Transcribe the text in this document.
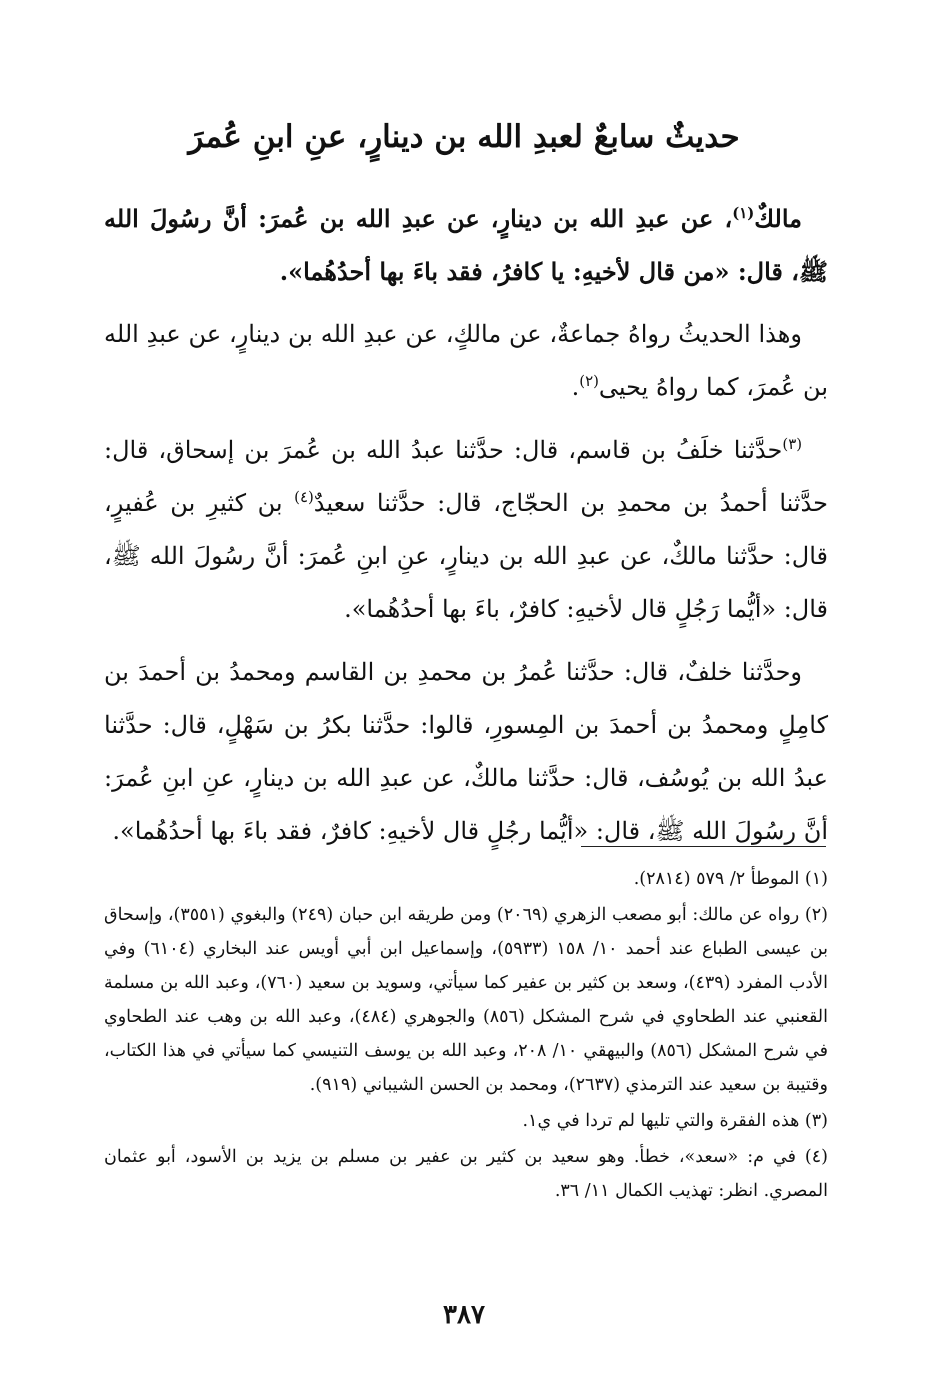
حديثٌ سابعٌ لعبدِ الله بن دينارٍ، عنِ ابنِ عُمرَ

مالكٌ$^{(١)}$، عن عبدِ الله بن دينارٍ، عن عبدِ الله بن عُمرَ: أنَّ رسُولَ الله ﷺ، قال: «من قال لأخيهِ: يا كافرُ، فقد باءَ بها أحدُهُما».

وهذا الحديثُ رواهُ جماعةٌ، عن مالكٍ، عن عبدِ الله بن دينارٍ، عن عبدِ الله بن عُمرَ، كما رواهُ يحيى$^{(٢)}$.

$^{(٣)}$حدَّثنا خلَفُ بن قاسم، قال: حدَّثنا عبدُ الله بن عُمرَ بن إسحاق، قال: حدَّثنا أحمدُ بن محمدِ بن الحجّاج، قال: حدَّثنا سعيدٌ$^{(٤)}$ بن كثيرِ بن عُفيرٍ، قال: حدَّثنا مالكٌ، عن عبدِ الله بن دينارٍ، عنِ ابنِ عُمرَ: أنَّ رسُولَ الله ﷺ، قال: «أيُّما رَجُلٍ قال لأخيهِ: كافرٌ، باءَ بها أحدُهُما».

وحدَّثنا خلفٌ، قال: حدَّثنا عُمرُ بن محمدِ بن القاسم ومحمدُ بن أحمدَ بن كامِلٍ ومحمدُ بن أحمدَ بن المِسورِ، قالوا: حدَّثنا بكرُ بن سَهْلٍ، قال: حدَّثنا عبدُ الله بن يُوسُف، قال: حدَّثنا مالكٌ، عن عبدِ الله بن دينارٍ، عنِ ابنِ عُمرَ: أنَّ رسُولَ الله ﷺ، قال: «أيُّما رجُلٍ قال لأخيهِ: كافرٌ، فقد باءَ بها أحدُهُما».

(١) الموطأ ٢/ ٥٧٩ (٢٨١٤).

(٢) رواه عن مالك: أبو مصعب الزهري (٢٠٦٩) ومن طريقه ابن حبان (٢٤٩) والبغوي (٣٥٥١)، وإسحاق بن عيسى الطباع عند أحمد ١٠/ ١٥٨ (٥٩٣٣)، وإسماعيل ابن أبي أويس عند البخاري (٦١٠٤) وفي الأدب المفرد (٤٣٩)، وسعد بن كثير بن عفير كما سيأتي، وسويد بن سعيد (٧٦٠)، وعبد الله بن مسلمة القعنبي عند الطحاوي في شرح المشكل (٨٥٦) والجوهري (٤٨٤)، وعبد الله بن وهب عند الطحاوي في شرح المشكل (٨٥٦) والبيهقي ١٠/ ٢٠٨، وعبد الله بن يوسف التنيسي كما سيأتي في هذا الكتاب، وقتيبة بن سعيد عند الترمذي (٢٦٣٧)، ومحمد بن الحسن الشيباني (٩١٩).

(٣) هذه الفقرة والتي تليها لم تردا في ي١.

(٤) في م: «سعد»، خطأ. وهو سعيد بن كثير بن عفير بن مسلم بن يزيد بن الأسود، أبو عثمان المصري. انظر: تهذيب الكمال ١١/ ٣٦.

٣٨٧
